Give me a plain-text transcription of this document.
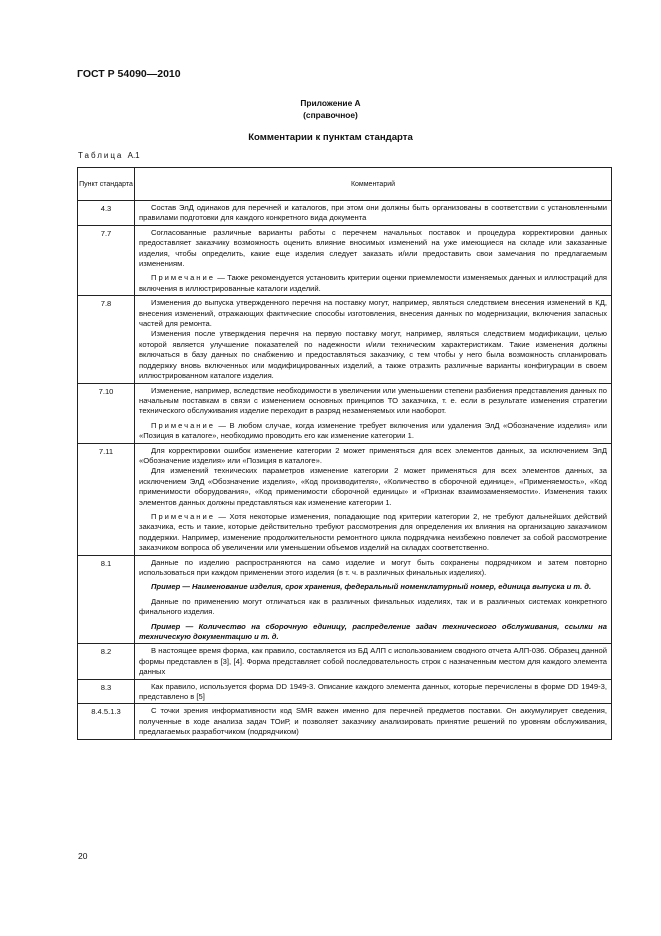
ГОСТ Р 54090—2010
Приложение А
(справочное)
Комментарии к пунктам стандарта
Таблица А.1
Пункт стандарта	Комментарий
4.3	Состав ЭлД одинаков для перечней и каталогов, при этом они должны быть организованы в соответствии с установленными правилами подготовки для каждого конкретного вида документа

7.7	Согласованные различные варианты работы с перечнем начальных поставок и процедура корректировки данных предоставляет заказчику возможность оценить влияние вносимых изменений на уже имеющиеся на складе или заказанные изделия, чтобы определить, какие еще изделия следует заказать и/или предоставить свои замечания по предлагаемым изменениям.

Примечание — Также рекомендуется установить критерии оценки приемлемости изменяемых данных и иллюстраций для включения в иллюстрированные каталоги изделий.

7.8	Изменения до выпуска утвержденного перечня на поставку могут, например, являться следствием внесения изменений в КД, внесения изменений, отражающих фактические способы изготовления, внесения данных по модернизации, включения запасных частей для ремонта.

Изменения после утверждения перечня на первую поставку могут, например, являться следствием модификации, целью которой является улучшение показателей по надежности и/или техническим характеристикам. Такие изменения должны включаться в базу данных по снабжению и предоставляться заказчику, с тем чтобы у него была возможность спланировать поддержку вновь включенных или модифицированных изделий, а также отразить различные варианты конфигурации в своем иллюстрированном каталоге изделия.

7.10	Изменение, например, вследствие необходимости в увеличении или уменьшении степени разбиения представления данных по начальным поставкам в связи с изменением основных принципов ТО заказчика, т. е. если в результате изменения стратегии технического обслуживания изделие переходит в разряд незаменяемых или наоборот.

Примечание — В любом случае, когда изменение требует включения или удаления ЭлД «Обозначение изделия» или «Позиция в каталоге», необходимо проводить его как изменение категории 1.

7.11	Для корректировки ошибок изменение категории 2 может применяться для всех элементов данных, за исключением ЭлД «Обозначение изделия» или «Позиция в каталоге».

Для изменений технических параметров изменение категории 2 может применяться для всех элементов данных, за исключением ЭлД «Обозначение изделия», «Код производителя», «Количество в сборочной единице», «Применяемость», «Код применимости оборудования», «Код применимости сборочной единицы» и «Признак взаимозаменяемости». Изменения таких элементов данных должны представляться как изменение категории 1.

Примечание — Хотя некоторые изменения, попадающие под критерии категории 2, не требуют дальнейших действий заказчика, есть и такие, которые действительно требуют рассмотрения для определения их влияния на организацию заказчиком поддержки. Например, изменение продолжительности ремонтного цикла подрядчика неизбежно повлечет за собой рассмотрение заказчиком вопроса об увеличении или уменьшении объемов изделий на складах соответственно.

8.1	Данные по изделию распространяются на само изделие и могут быть сохранены подрядчиком и затем повторно использоваться при каждом применении этого изделия (в т. ч. в различных финальных изделиях).

Пример — Наименование изделия, срок хранения, федеральный номенклатурный номер, единица выпуска и т. д.

Данные по применению могут отличаться как в различных финальных изделиях, так и в различных системах конкретного финального изделия.

Пример — Количество на сборочную единицу, распределение задач технического обслуживания, ссылки на техническую документацию и т. д.

8.2	В настоящее время форма, как правило, составляется из БД АЛП с использованием сводного отчета АЛП-036. Образец данной формы представлен в [3], [4]. Форма представляет собой последовательность строк с назначенным местом для каждого элемента данных

8.3	Как правило, используется форма DD 1949-3. Описание каждого элемента данных, которые перечислены в форме DD 1949-3, представлено в [5]

8.4.5.1.3	С точки зрения информативности код SMR важен именно для перечней предметов поставки. Он аккумулирует сведения, полученные в ходе анализа задач ТОиР, и позволяет заказчику анализировать принятие решений по уровням обслуживания, предлагаемых разработчиком (подрядчиком)

20
